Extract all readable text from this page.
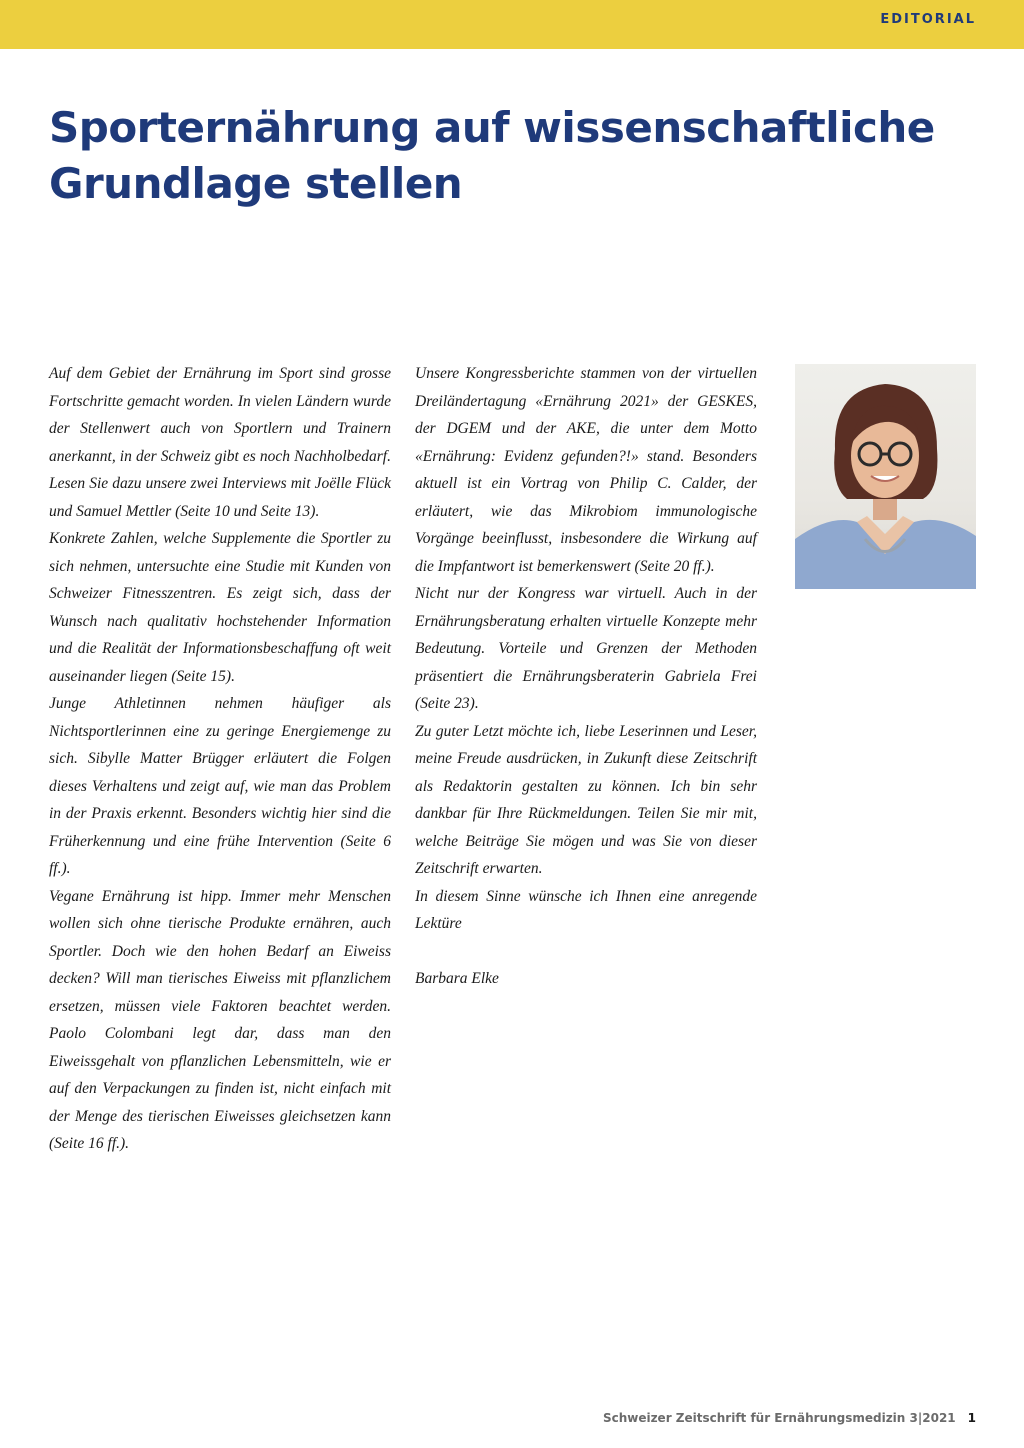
EDITORIAL
Sporternährung auf wissenschaftliche
Grundlage stellen

Auf dem Gebiet der Ernährung im Sport sind grosse Fortschritte gemacht worden. In vielen Ländern wurde der Stellenwert auch von Sportlern und Trainern anerkannt, in der Schweiz gibt es noch Nachholbedarf. Lesen Sie dazu unsere zwei Interviews mit Joëlle Flück und Samuel Mettler (Seite 10 und Seite 13).

Konkrete Zahlen, welche Supplemente die Sportler zu sich nehmen, untersuchte eine Studie mit Kunden von Schweizer Fitnesszentren. Es zeigt sich, dass der Wunsch nach qualitativ hochstehender Information und die Realität der Informationsbeschaffung oft weit auseinander liegen (Seite 15).

Junge Athletinnen nehmen häufiger als Nichtsportlerinnen eine zu geringe Energiemenge zu sich. Sibylle Matter Brügger erläutert die Folgen dieses Verhaltens und zeigt auf, wie man das Problem in der Praxis erkennt. Besonders wichtig hier sind die Früherkennung und eine frühe Intervention (Seite 6 ff.).

Vegane Ernährung ist hipp. Immer mehr Menschen wollen sich ohne tierische Produkte ernähren, auch Sportler. Doch wie den hohen Bedarf an Eiweiss decken? Will man tierisches Eiweiss mit pflanzlichem ersetzen, müssen viele Faktoren beachtet werden. Paolo Colombani legt dar, dass man den Eiweissgehalt von pflanzlichen Lebensmitteln, wie er auf den Verpackungen zu finden ist, nicht einfach mit der Menge des tierischen Eiweisses gleichsetzen kann (Seite 16 ff.).

Unsere Kongressberichte stammen von der virtuellen Dreiländertagung «Ernährung 2021» der GESKES, der DGEM und der AKE, die unter dem Motto «Ernährung: Evidenz gefunden?!» stand. Besonders aktuell ist ein Vortrag von Philip C. Calder, der erläutert, wie das Mikrobiom immunologische Vorgänge beeinflusst, insbesondere die Wirkung auf die Impfantwort ist bemerkenswert (Seite 20 ff.).

Nicht nur der Kongress war virtuell. Auch in der Ernährungsberatung erhalten virtuelle Konzepte mehr Bedeutung. Vorteile und Grenzen der Methoden präsentiert die Ernährungsberaterin Gabriela Frei (Seite 23).

Zu guter Letzt möchte ich, liebe Leserinnen und Leser, meine Freude ausdrücken, in Zukunft diese Zeitschrift als Redaktorin gestalten zu können. Ich bin sehr dankbar für Ihre Rückmeldungen. Teilen Sie mir mit, welche Beiträge Sie mögen und was Sie von dieser Zeitschrift erwarten.

In diesem Sinne wünsche ich Ihnen eine anregende Lektüre

Barbara Elke

Schweizer Zeitschrift für Ernährungsmedizin 3|2021 1
